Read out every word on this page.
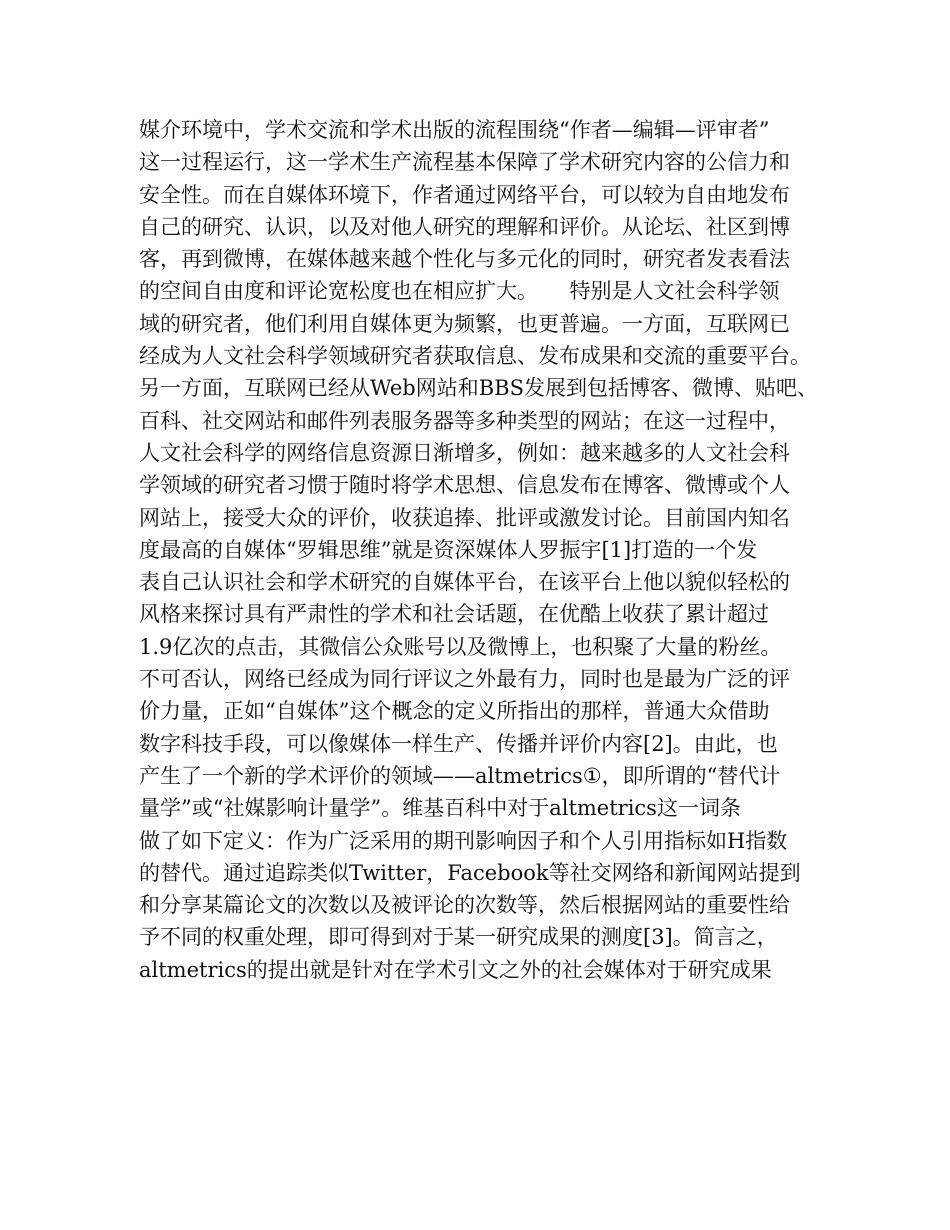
媒介环境中，学术交流和学术出版的流程围绕“作者—编辑—评审者”
这一过程运行，这一学术生产流程基本保障了学术研究内容的公信力和
安全性。而在自媒体环境下，作者通过网络平台，可以较为自由地发布
自己的研究、认识，以及对他人研究的理解和评价。从论坛、社区到博
客，再到微博，在媒体越来越个性化与多元化的同时，研究者发表看法
的空间自由度和评论宽松度也在相应扩大。　　特别是人文社会科学领
域的研究者，他们利用自媒体更为频繁，也更普遍。一方面，互联网已
经成为人文社会科学领域研究者获取信息、发布成果和交流的重要平台。
另一方面，互联网已经从Web网站和BBS发展到包括博客、微博、贴吧、
百科、社交网站和邮件列表服务器等多种类型的网站；在这一过程中，
人文社会科学的网络信息资源日渐增多，例如：越来越多的人文社会科
学领域的研究者习惯于随时将学术思想、信息发布在博客、微博或个人
网站上，接受大众的评价，收获追捧、批评或激发讨论。目前国内知名
度最高的自媒体“罗辑思维”就是资深媒体人罗振宇[1]打造的一个发
表自己认识社会和学术研究的自媒体平台，在该平台上他以貌似轻松的
风格来探讨具有严肃性的学术和社会话题，在优酷上收获了累计超过
1.9亿次的点击，其微信公众账号以及微博上，也积聚了大量的粉丝。
不可否认，网络已经成为同行评议之外最有力，同时也是最为广泛的评
价力量，正如“自媒体”这个概念的定义所指出的那样，普通大众借助
数字科技手段，可以像媒体一样生产、传播并评价内容[2]。由此，也
产生了一个新的学术评价的领域——altmetrics①，即所谓的“替代计
量学”或“社媒影响计量学”。维基百科中对于altmetrics这一词条
做了如下定义：作为广泛采用的期刊影响因子和个人引用指标如H指数
的替代。通过追踪类似Twitter，Facebook等社交网络和新闻网站提到
和分享某篇论文的次数以及被评论的次数等，然后根据网站的重要性给
予不同的权重处理，即可得到对于某一研究成果的测度[3]。简言之，
altmetrics的提出就是针对在学术引文之外的社会媒体对于研究成果
